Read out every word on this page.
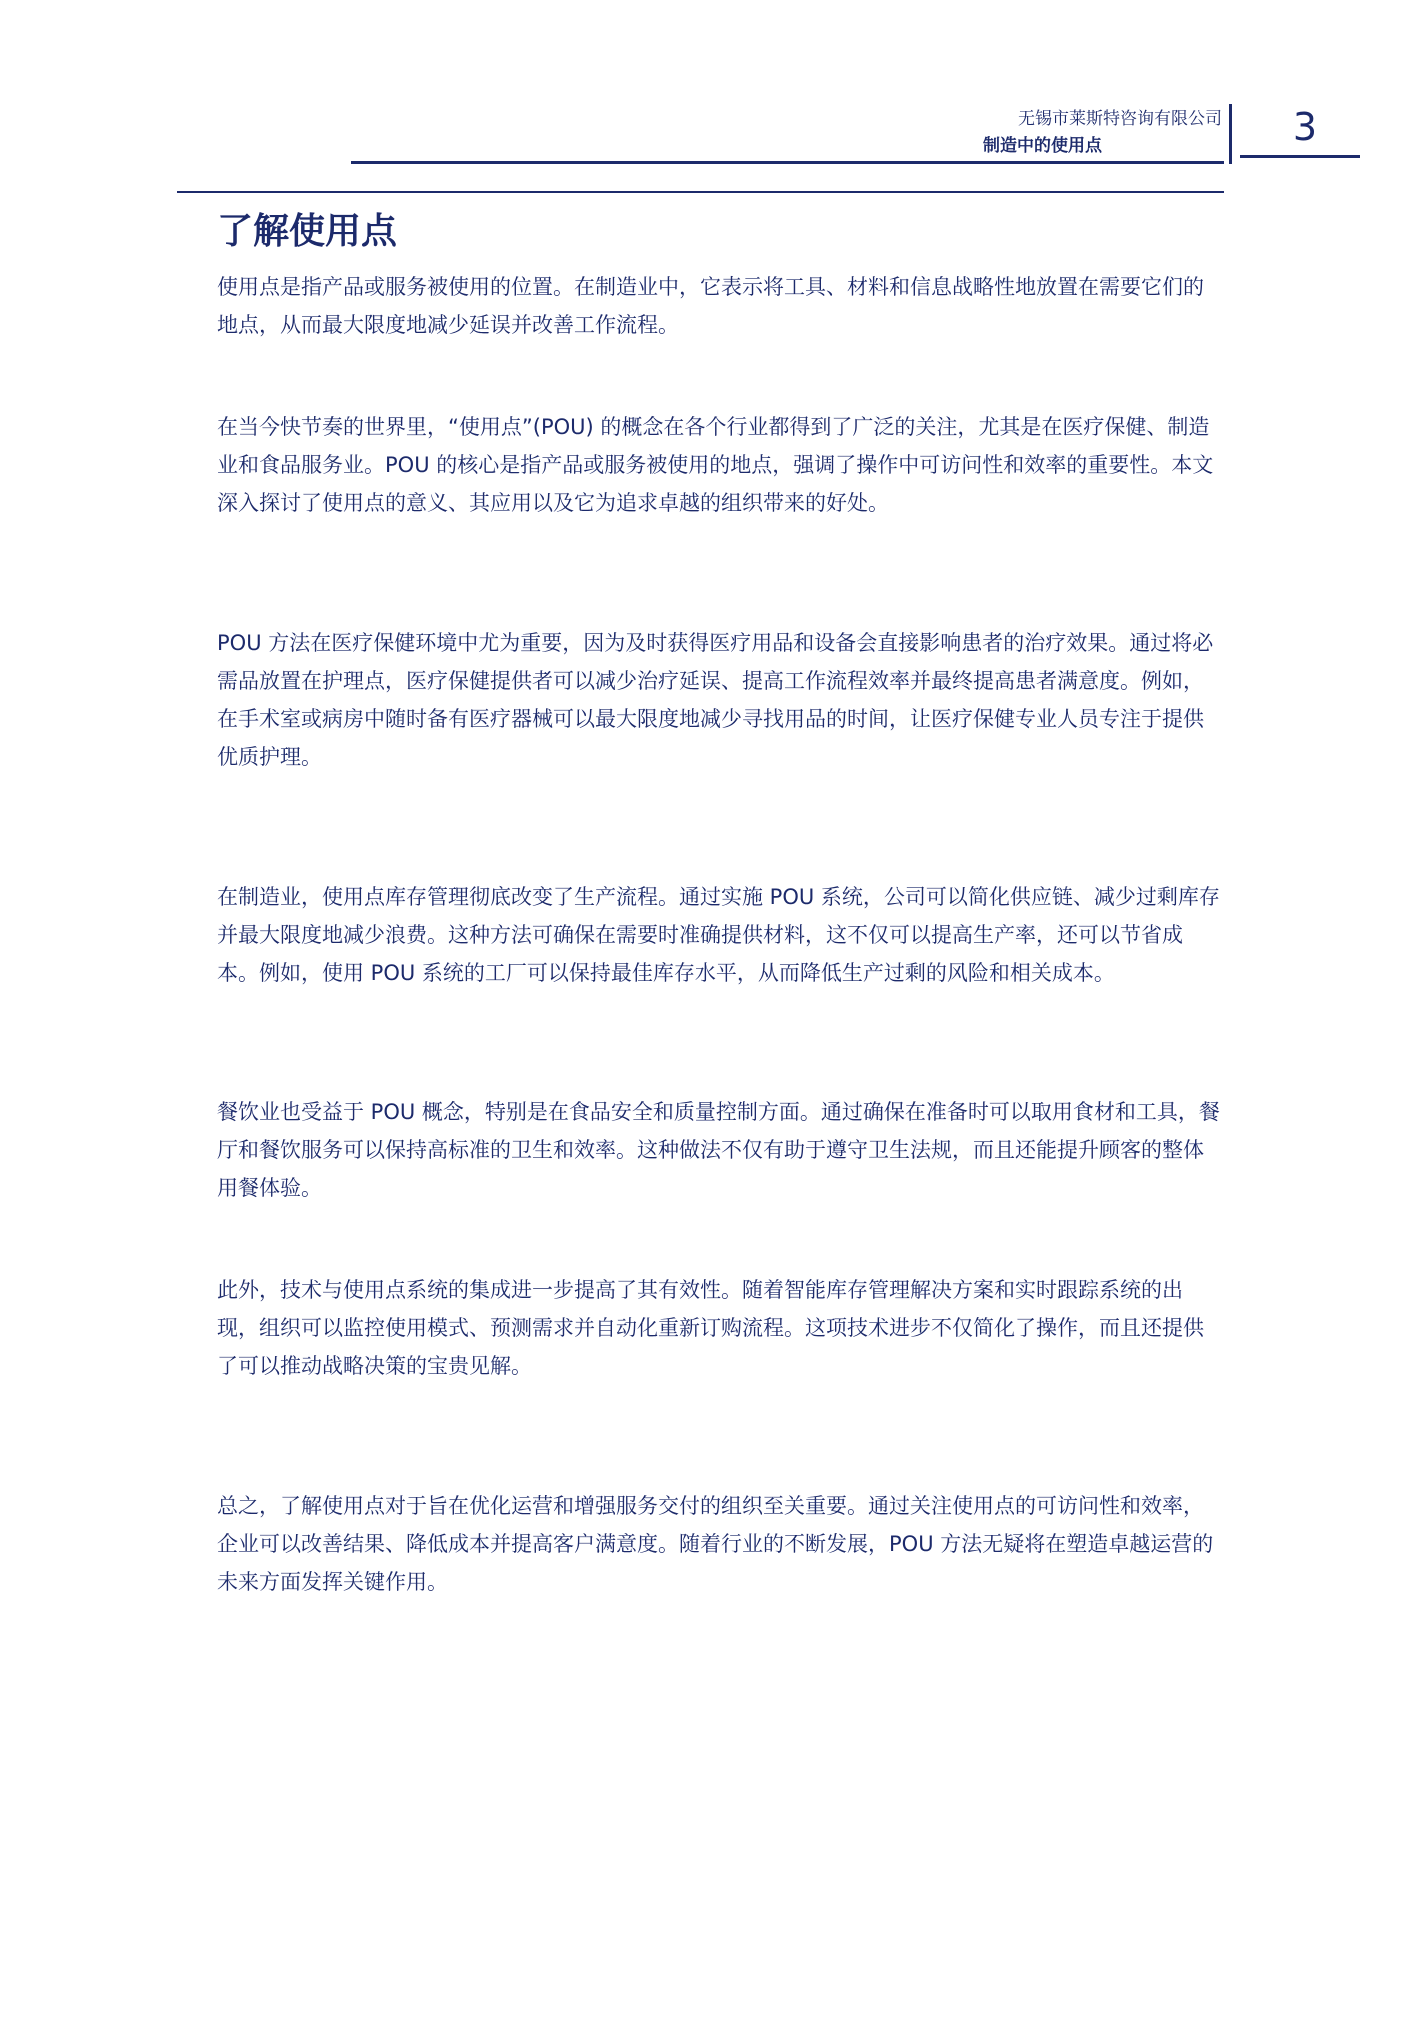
无锡市莱斯特咨询有限公司
制造中的使用点	3
了解使用点

使用点是指产品或服务被使用的位置。在制造业中，它表示将工具、材料和信息战略性地放置在需要它们的地点，从而最大限度地减少延误并改善工作流程。

在当今快节奏的世界里，“使用点”(POU) 的概念在各个行业都得到了广泛的关注，尤其是在医疗保健、制造业和食品服务业。POU 的核心是指产品或服务被使用的地点，强调了操作中可访问性和效率的重要性。本文深入探讨了使用点的意义、其应用以及它为追求卓越的组织带来的好处。

POU 方法在医疗保健环境中尤为重要，因为及时获得医疗用品和设备会直接影响患者的治疗效果。通过将必需品放置在护理点，医疗保健提供者可以减少治疗延误、提高工作流程效率并最终提高患者满意度。例如，在手术室或病房中随时备有医疗器械可以最大限度地减少寻找用品的时间，让医疗保健专业人员专注于提供优质护理。

在制造业，使用点库存管理彻底改变了生产流程。通过实施 POU 系统，公司可以简化供应链、减少过剩库存并最大限度地减少浪费。这种方法可确保在需要时准确提供材料，这不仅可以提高生产率，还可以节省成本。例如，使用 POU 系统的工厂可以保持最佳库存水平，从而降低生产过剩的风险和相关成本。

餐饮业也受益于 POU 概念，特别是在食品安全和质量控制方面。通过确保在准备时可以取用食材和工具，餐厅和餐饮服务可以保持高标准的卫生和效率。这种做法不仅有助于遵守卫生法规，而且还能提升顾客的整体用餐体验。

此外，技术与使用点系统的集成进一步提高了其有效性。随着智能库存管理解决方案和实时跟踪系统的出现，组织可以监控使用模式、预测需求并自动化重新订购流程。这项技术进步不仅简化了操作，而且还提供了可以推动战略决策的宝贵见解。

总之，了解使用点对于旨在优化运营和增强服务交付的组织至关重要。通过关注使用点的可访问性和效率，企业可以改善结果、降低成本并提高客户满意度。随着行业的不断发展，POU 方法无疑将在塑造卓越运营的未来方面发挥关键作用。
